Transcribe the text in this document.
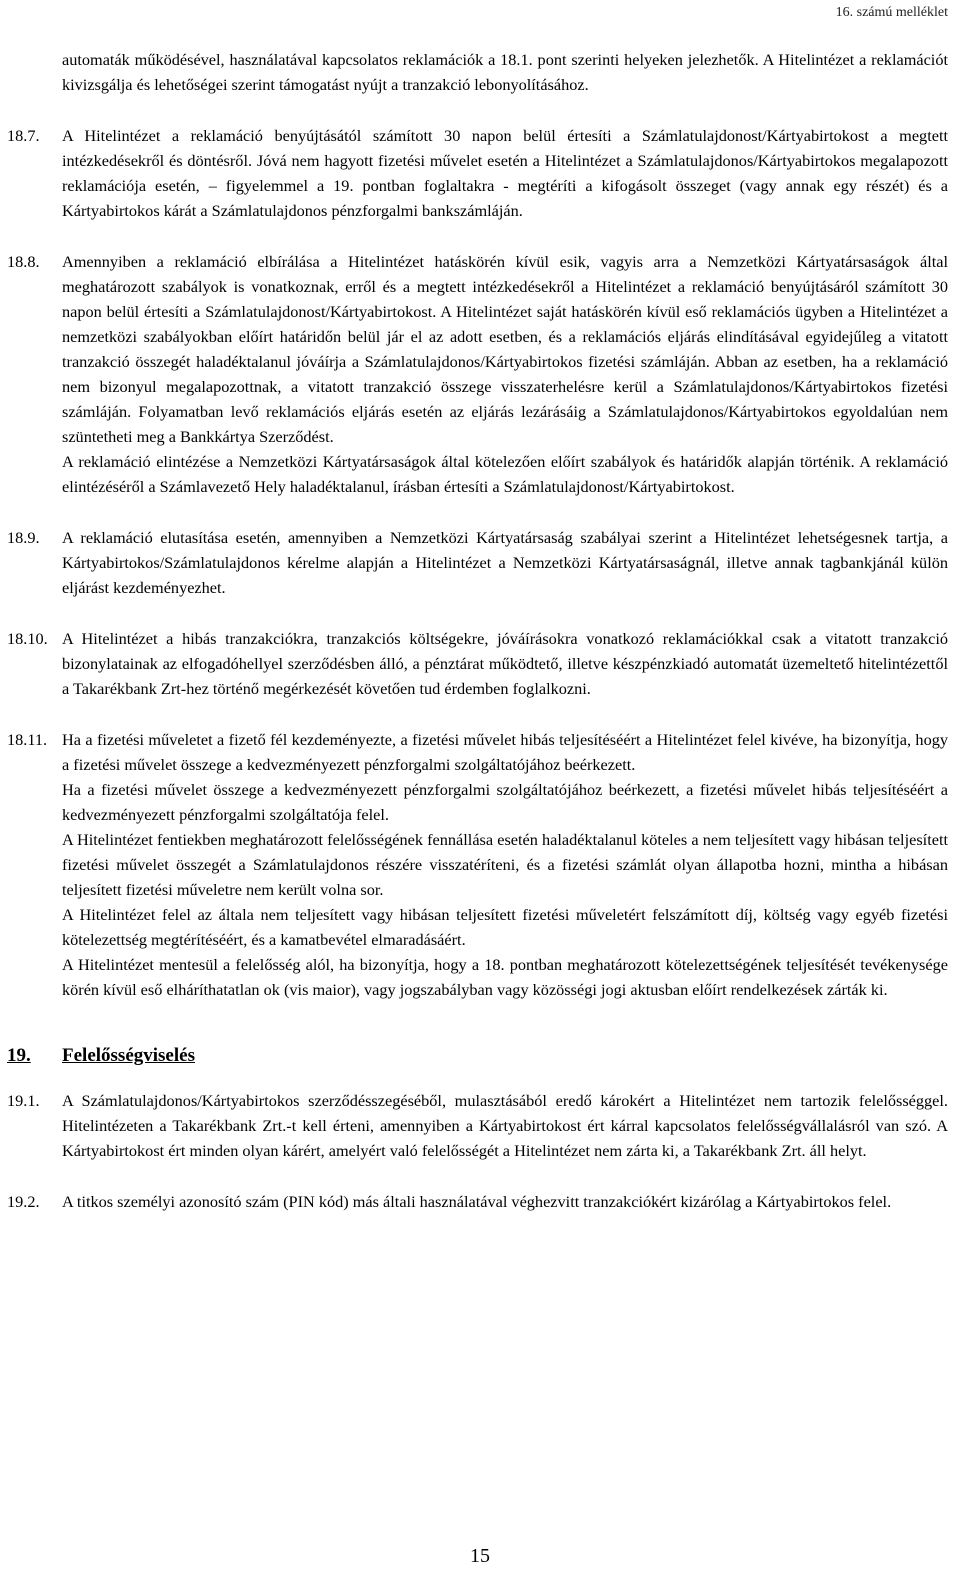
16. számú melléklet

automaták működésével, használatával kapcsolatos reklamációk a 18.1. pont szerinti helyeken jelezhetők. A Hitelintézet a reklamációt kivizsgálja és lehetőségei szerint támogatást nyújt a tranzakció lebonyolításához.

18.7.	A Hitelintézet a reklamáció benyújtásától számított 30 napon belül értesíti a Számlatulajdonost/Kártyabirtokost a megtett intézkedésekről és döntésről. Jóvá nem hagyott fizetési művelet esetén a Hitelintézet a Számlatulajdonos/Kártyabirtokos megalapozott reklamációja esetén, – figyelemmel a 19. pontban foglaltakra - megtéríti a kifogásolt összeget (vagy annak egy részét) és a Kártyabirtokos kárát a Számlatulajdonos pénzforgalmi bankszámláján.

18.8.	Amennyiben a reklamáció elbírálása a Hitelintézet hatáskörén kívül esik, vagyis arra a Nemzetközi Kártyatársaságok által meghatározott szabályok is vonatkoznak, erről és a megtett intézkedésekről a Hitelintézet a reklamáció benyújtásáról számított 30 napon belül értesíti a Számlatulajdonost/Kártyabirtokost. A Hitelintézet saját hatáskörén kívül eső reklamációs ügyben a Hitelintézet a nemzetközi szabályokban előírt határidőn belül jár el az adott esetben, és a reklamációs eljárás elindításával egyidejűleg a vitatott tranzakció összegét haladéktalanul jóváírja a Számlatulajdonos/Kártyabirtokos fizetési számláján. Abban az esetben, ha a reklamáció nem bizonyul megalapozottnak, a vitatott tranzakció összege visszaterhelésre kerül a Számlatulajdonos/Kártyabirtokos fizetési számláján. Folyamatban levő reklamációs eljárás esetén az eljárás lezárásáig a Számlatulajdonos/Kártyabirtokos egyoldalúan nem szüntetheti meg a Bankkártya Szerződést.

A reklamáció elintézése a Nemzetközi Kártyatársaságok által kötelezően előírt szabályok és határidők alapján történik. A reklamáció elintézéséről a Számlavezető Hely haladéktalanul, írásban értesíti a Számlatulajdonost/Kártyabirtokost.

18.9.	A reklamáció elutasítása esetén, amennyiben a Nemzetközi Kártyatársaság szabályai szerint a Hitelintézet lehetségesnek tartja, a Kártyabirtokos/Számlatulajdonos kérelme alapján a Hitelintézet a Nemzetközi Kártyatársaságnál, illetve annak tagbankjánál külön eljárást kezdeményezhet.

18.10. A Hitelintézet a hibás tranzakciókra, tranzakciós költségekre, jóváírásokra vonatkozó reklamációkkal csak a vitatott tranzakció bizonylatainak az elfogadóhellyel szerződésben álló, a pénztárat működtető, illetve készpénzkiadó automatát üzemeltető hitelintézettől a Takarékbank Zrt-hez történő megérkezését követően tud érdemben foglalkozni.

18.11. Ha a fizetési műveletet a fizető fél kezdeményezte, a fizetési művelet hibás teljesítéséért a Hitelintézet felel kivéve, ha bizonyítja, hogy a fizetési művelet összege a kedvezményezett pénzforgalmi szolgáltatójához beérkezett.

Ha a fizetési művelet összege a kedvezményezett pénzforgalmi szolgáltatójához beérkezett, a fizetési művelet hibás teljesítéséért a kedvezményezett pénzforgalmi szolgáltatója felel.

A Hitelintézet fentiekben meghatározott felelősségének fennállása esetén haladéktalanul köteles a nem teljesített vagy hibásan teljesített fizetési művelet összegét a Számlatulajdonos részére visszatéríteni, és a fizetési számlát olyan állapotba hozni, mintha a hibásan teljesített fizetési műveletre nem került volna sor.

A Hitelintézet felel az általa nem teljesített vagy hibásan teljesített fizetési műveletért felszámított díj, költség vagy egyéb fizetési kötelezettség megtérítéséért, és a kamatbevétel elmaradásáért.

A Hitelintézet mentesül a felelősség alól, ha bizonyítja, hogy a 18. pontban meghatározott kötelezettségének teljesítését tevékenysége körén kívül eső elháríthatatlan ok (vis maior), vagy jogszabályban vagy közösségi jogi aktusban előírt rendelkezések zárták ki.

19.	Felelősségviselés
19.1.	A Számlatulajdonos/Kártyabirtokos szerződésszegéséből, mulasztásából eredő károkért a Hitelintézet nem tartozik felelősséggel. Hitelintézeten a Takarékbank Zrt.-t kell érteni, amennyiben a Kártyabirtokost ért kárral kapcsolatos felelősségvállalásról van szó. A Kártyabirtokost ért minden olyan kárért, amelyért való felelősségét a Hitelintézet nem zárta ki, a Takarékbank Zrt. áll helyt.

19.2.	A titkos személyi azonosító szám (PIN kód) más általi használatával véghezvitt tranzakciókért kizárólag a Kártyabirtokos felel.

15
